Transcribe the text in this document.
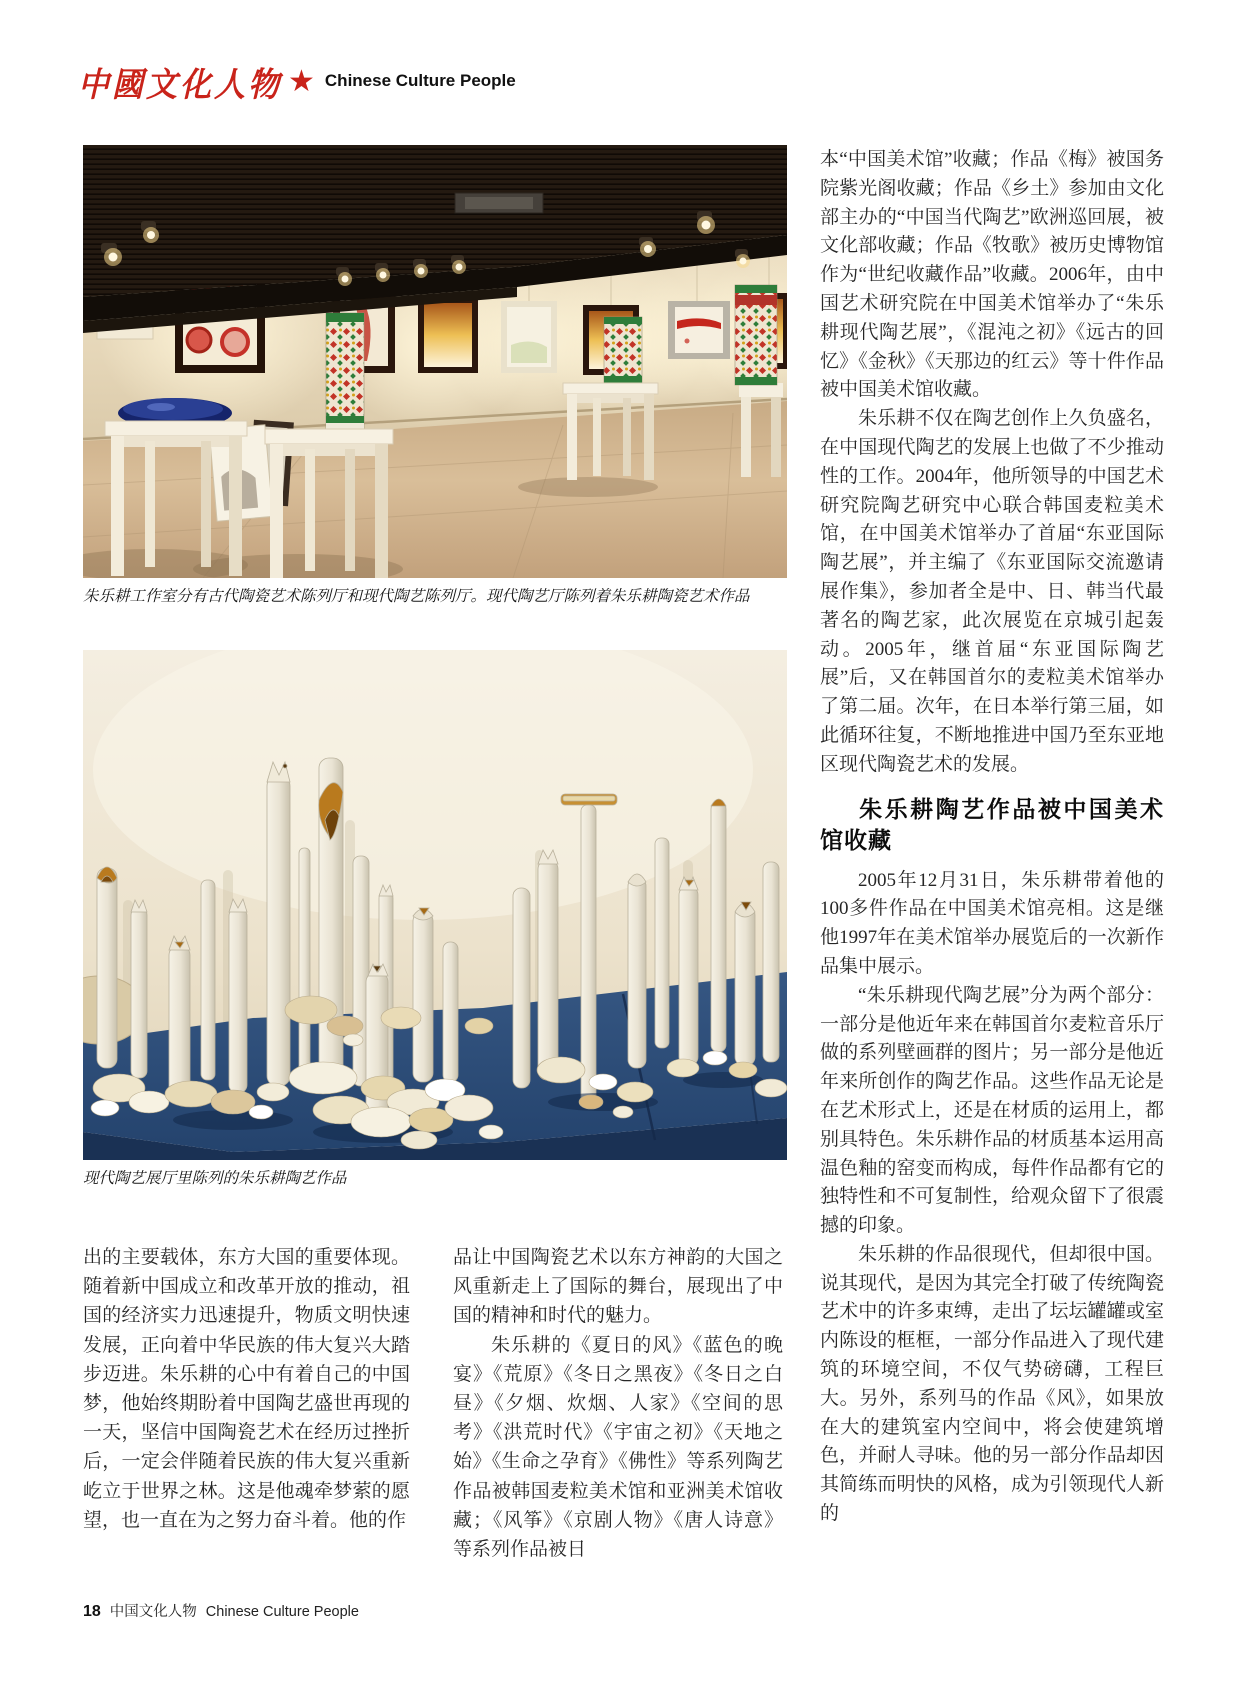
中國文化人物 ★ Chinese Culture People
朱乐耕工作室分有古代陶瓷艺术陈列厅和现代陶艺陈列厅。现代陶艺厅陈列着朱乐耕陶瓷艺术作品
现代陶艺展厅里陈列的朱乐耕陶艺作品

出的主要载体，东方大国的重要体现。随着新中国成立和改革开放的推动，祖国的经济实力迅速提升，物质文明快速发展，正向着中华民族的伟大复兴大踏步迈进。朱乐耕的心中有着自己的中国梦，他始终期盼着中国陶艺盛世再现的一天，坚信中国陶瓷艺术在经历过挫折后，一定会伴随着民族的伟大复兴重新屹立于世界之林。这是他魂牵梦萦的愿望，也一直在为之努力奋斗着。他的作

品让中国陶瓷艺术以东方神韵的大国之风重新走上了国际的舞台，展现出了中国的精神和时代的魅力。

朱乐耕的《夏日的风》《蓝色的晚宴》《荒原》《冬日之黑夜》《冬日之白昼》《夕烟、炊烟、人家》《空间的思考》《洪荒时代》《宇宙之初》《天地之始》《生命之孕育》《佛性》等系列陶艺作品被韩国麦粒美术馆和亚洲美术馆收藏；《风筝》《京剧人物》《唐人诗意》等系列作品被日

本“中国美术馆”收藏；作品《梅》被国务院紫光阁收藏；作品《乡土》参加由文化部主办的“中国当代陶艺”欧洲巡回展，被文化部收藏；作品《牧歌》被历史博物馆作为“世纪收藏作品”收藏。2006年，由中国艺术研究院在中国美术馆举办了“朱乐耕现代陶艺展”，《混沌之初》《远古的回忆》《金秋》《天那边的红云》等十件作品被中国美术馆收藏。

朱乐耕不仅在陶艺创作上久负盛名，在中国现代陶艺的发展上也做了不少推动性的工作。2004年，他所领导的中国艺术研究院陶艺研究中心联合韩国麦粒美术馆，在中国美术馆举办了首届“东亚国际陶艺展”，并主编了《东亚国际交流邀请展作集》，参加者全是中、日、韩当代最著名的陶艺家，此次展览在京城引起轰动。2005年，继首届“东亚国际陶艺展”后，又在韩国首尔的麦粒美术馆举办了第二届。次年，在日本举行第三届，如此循环往复，不断地推进中国乃至东亚地区现代陶瓷艺术的发展。

朱乐耕陶艺作品被中国美术馆收藏

2005年12月31日，朱乐耕带着他的100多件作品在中国美术馆亮相。这是继他1997年在美术馆举办展览后的一次新作品集中展示。

“朱乐耕现代陶艺展”分为两个部分：一部分是他近年来在韩国首尔麦粒音乐厅做的系列壁画群的图片；另一部分是他近年来所创作的陶艺作品。这些作品无论是在艺术形式上，还是在材质的运用上，都别具特色。朱乐耕作品的材质基本运用高温色釉的窑变而构成，每件作品都有它的独特性和不可复制性，给观众留下了很震撼的印象。

朱乐耕的作品很现代，但却很中国。说其现代，是因为其完全打破了传统陶瓷艺术中的许多束缚，走出了坛坛罐罐或室内陈设的框框，一部分作品进入了现代建筑的环境空间，不仅气势磅礴，工程巨大。另外，系列马的作品《风》，如果放在大的建筑室内空间中，将会使建筑增色，并耐人寻味。他的另一部分作品却因其简练而明快的风格，成为引领现代人新的

18 中国文化人物 Chinese Culture People
